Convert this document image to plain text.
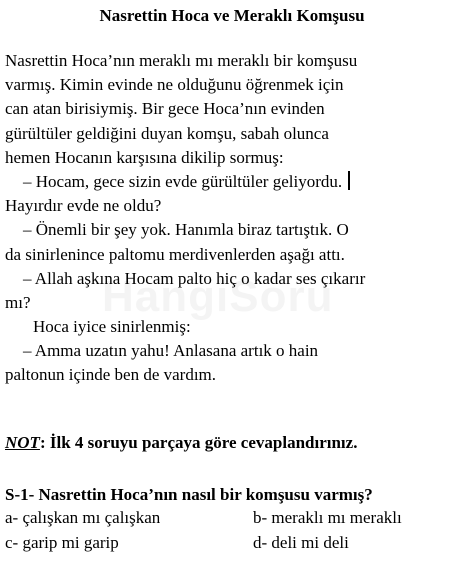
Nasrettin Hoca ve Meraklı Komşusu
Nasrettin Hoca’nın meraklı mı meraklı bir komşusu
varmış. Kimin evinde ne olduğunu öğrenmek için
can atan birisiymiş. Bir gece Hoca’nın evinden
gürültüler geldiğini duyan komşu, sabah olunca
hemen Hocanın karşısına dikilip sormuş:
– Hocam, gece sizin evde gürültüler geliyordu.
Hayırdır evde ne oldu?
– Önemli bir şey yok. Hanımla biraz tartıştık. O
da sinirlenince paltomu merdivenlerden aşağı attı.
– Allah aşkına Hocam palto hiç o kadar ses çıkarır
mı?
Hoca iyice sinirlenmiş:
– Amma uzatın yahu! Anlasana artık o hain
paltonun içinde ben de vardım.
NOT: İlk 4 soruyu parçaya göre cevaplandırınız.
S-1- Nasrettin Hoca’nın nasıl bir komşusu varmış?
a- çalışkan mı çalışkan	b- meraklı mı meraklı
c- garip mi garip	d- deli mi deli
